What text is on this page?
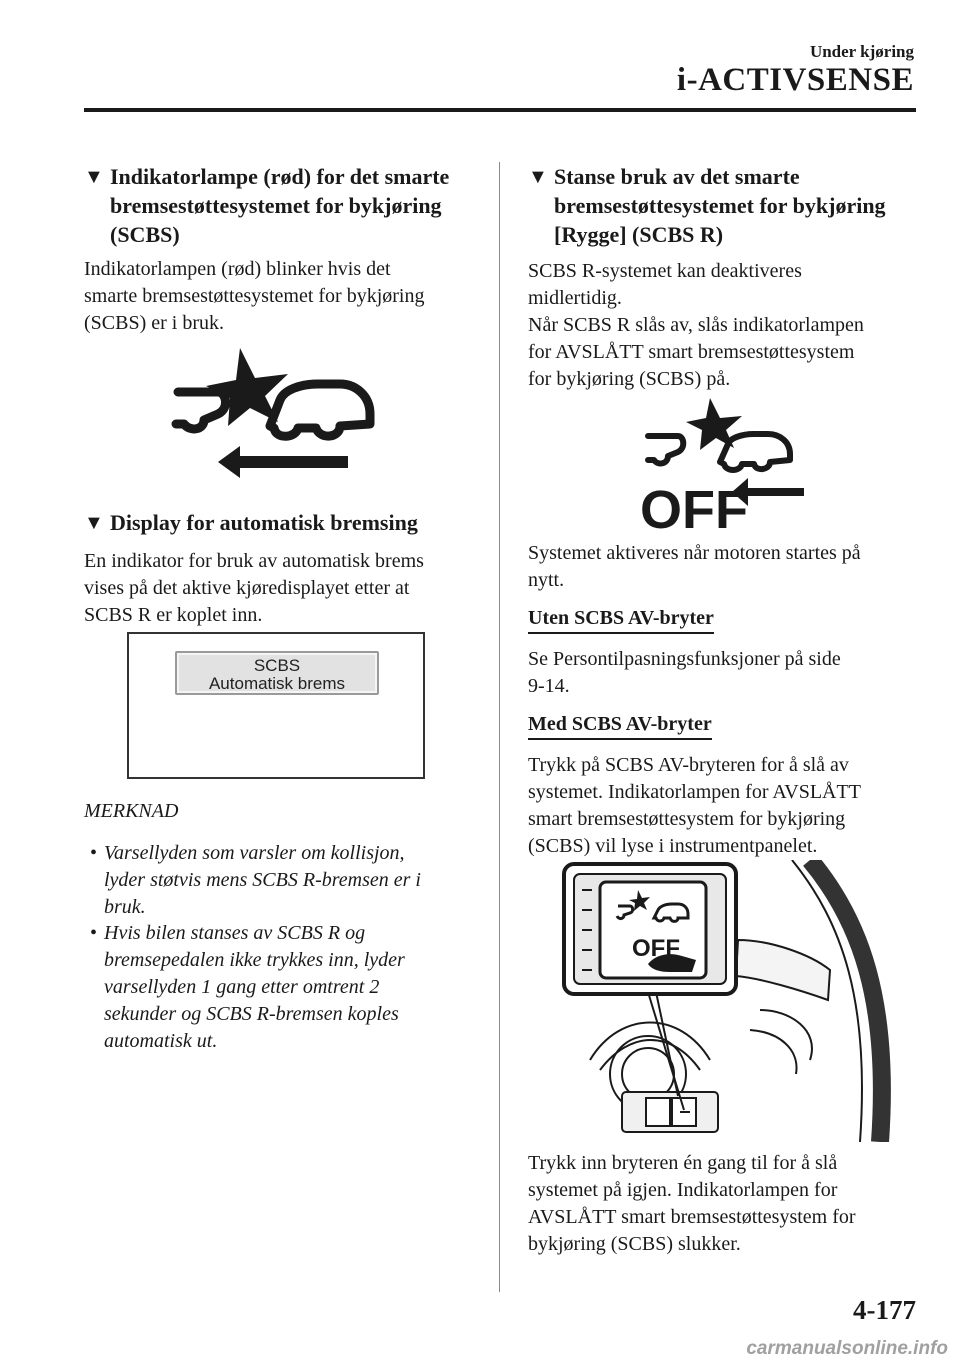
Under kjøring
i-ACTIVSENSE
▼ Indikatorlampe (rød) for det smarte
bremsestøttesystemet for bykjøring
(SCBS)
Indikatorlampen (rød) blinker hvis det
smarte bremsestøttesystemet for bykjøring
(SCBS) er i bruk.
▼ Display for automatisk bremsing
En indikator for bruk av automatisk brems
vises på det aktive kjøredisplayet etter at
SCBS R er koplet inn.
SCBS
Automatisk brems
MERKNAD
• Varsellyden som varsler om kollisjon,
lyder støtvis mens SCBS R-bremsen er i
bruk.
• Hvis bilen stanses av SCBS R og
bremsepedalen ikke trykkes inn, lyder
varsellyden 1 gang etter omtrent 2
sekunder og SCBS R-bremsen koples
automatisk ut.
▼ Stanse bruk av det smarte
bremsestøttesystemet for bykjøring
[Rygge] (SCBS R)
SCBS R-systemet kan deaktiveres
midlertidig.
Når SCBS R slås av, slås indikatorlampen
for AVSLÅTT smart bremsestøttesystem
for bykjøring (SCBS) på.
OFF
Systemet aktiveres når motoren startes på
nytt.
Uten SCBS AV-bryter
Se Persontilpasningsfunksjoner på side
9-14.
Med SCBS AV-bryter
Trykk på SCBS AV-bryteren for å slå av
systemet. Indikatorlampen for AVSLÅTT
smart bremsestøttesystem for bykjøring
(SCBS) vil lyse i instrumentpanelet.
OFF
Trykk inn bryteren én gang til for å slå
systemet på igjen. Indikatorlampen for
AVSLÅTT smart bremsestøttesystem for
bykjøring (SCBS) slukker.
4-177
carmanualsonline.info
